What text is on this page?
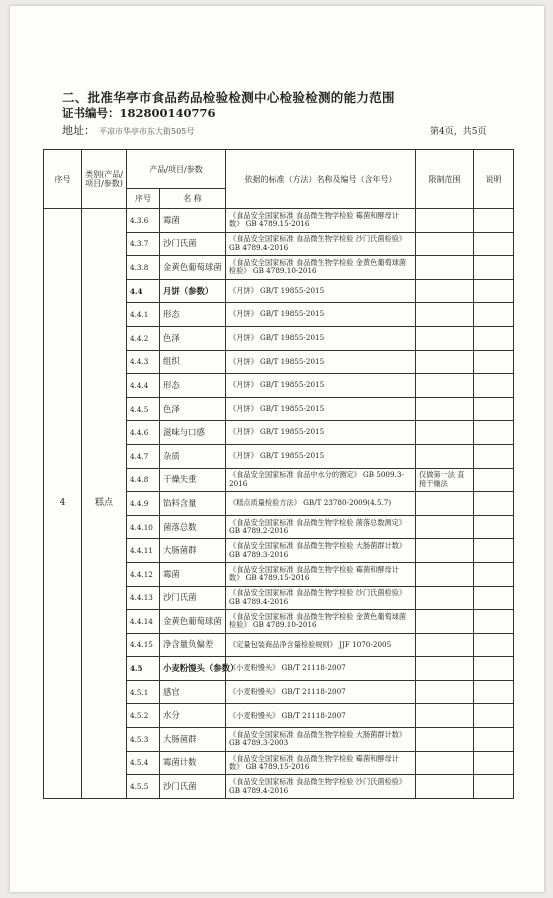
二、批准华亭市食品药品检验检测中心检验检测的能力范围
证书编号：182800140776
地址： 平凉市华亭市东大街505号	第4页，共5页
序号	类别(产品/项目/参数)	产品/项目/参数		依据的标准（方法）名称及编号（含年号）	限制范围	说明
		序号	名 称			
4	糕点	4.3.6	霉菌	《食品安全国家标准 食品微生物学检验 霉菌和酵母计数》 GB 4789.15-2016		
		4.3.7	沙门氏菌	《食品安全国家标准 食品微生物学检验 沙门氏菌检验》 GB 4789.4-2016		
		4.3.8	金黄色葡萄球菌	《食品安全国家标准 食品微生物学检验 金黄色葡萄球菌检验》 GB 4789.10-2016		
		4.4	月饼（参数）	《月饼》 GB/T 19855-2015		
		4.4.1	形态	《月饼》 GB/T 19855-2015		
		4.4.2	色泽	《月饼》 GB/T 19855-2015		
		4.4.3	组织	《月饼》 GB/T 19855-2015		
		4.4.4	形态	《月饼》 GB/T 19855-2015		
		4.4.5	色泽	《月饼》 GB/T 19855-2015		
		4.4.6	滋味与口感	《月饼》 GB/T 19855-2015		
		4.4.7	杂质	《月饼》 GB/T 19855-2015		
		4.4.8	干燥失重	《食品安全国家标准 食品中水分的测定》 GB 5009.3-2016	仅做第一法 直接干燥法	
		4.4.9	馅料含量	《糕点质量检验方法》 GB/T 23780-2009(4.5.7)		
		4.4.10	菌落总数	《食品安全国家标准 食品微生物学检验 菌落总数测定》 GB 4789.2-2016		
		4.4.11	大肠菌群	《食品安全国家标准 食品微生物学检验 大肠菌群计数》 GB 4789.3-2016		
		4.4.12	霉菌	《食品安全国家标准 食品微生物学检验 霉菌和酵母计数》 GB 4789.15-2016		
		4.4.13	沙门氏菌	《食品安全国家标准 食品微生物学检验 沙门氏菌检验》 GB 4789.4-2016		
		4.4.14	金黄色葡萄球菌	《食品安全国家标准 食品微生物学检验 金黄色葡萄球菌检验》 GB 4789.10-2016		
		4.4.15	净含量负偏差	《定量包装商品净含量检验规则》 JJF 1070-2005		
		4.5	小麦粉馒头（参数）	《小麦粉馒头》 GB/T 21118-2007		
		4.5.1	感官	《小麦粉馒头》 GB/T 21118-2007		
		4.5.2	水分	《小麦粉馒头》 GB/T 21118-2007		
		4.5.3	大肠菌群	《食品安全国家标准 食品微生物学检验 大肠菌群计数》 GB 4789.3-2003		
		4.5.4	霉菌计数	《食品安全国家标准 食品微生物学检验 霉菌和酵母计数》 GB 4789.15-2016		
		4.5.5	沙门氏菌	《食品安全国家标准 食品微生物学检验 沙门氏菌检验》 GB 4789.4-2016		
